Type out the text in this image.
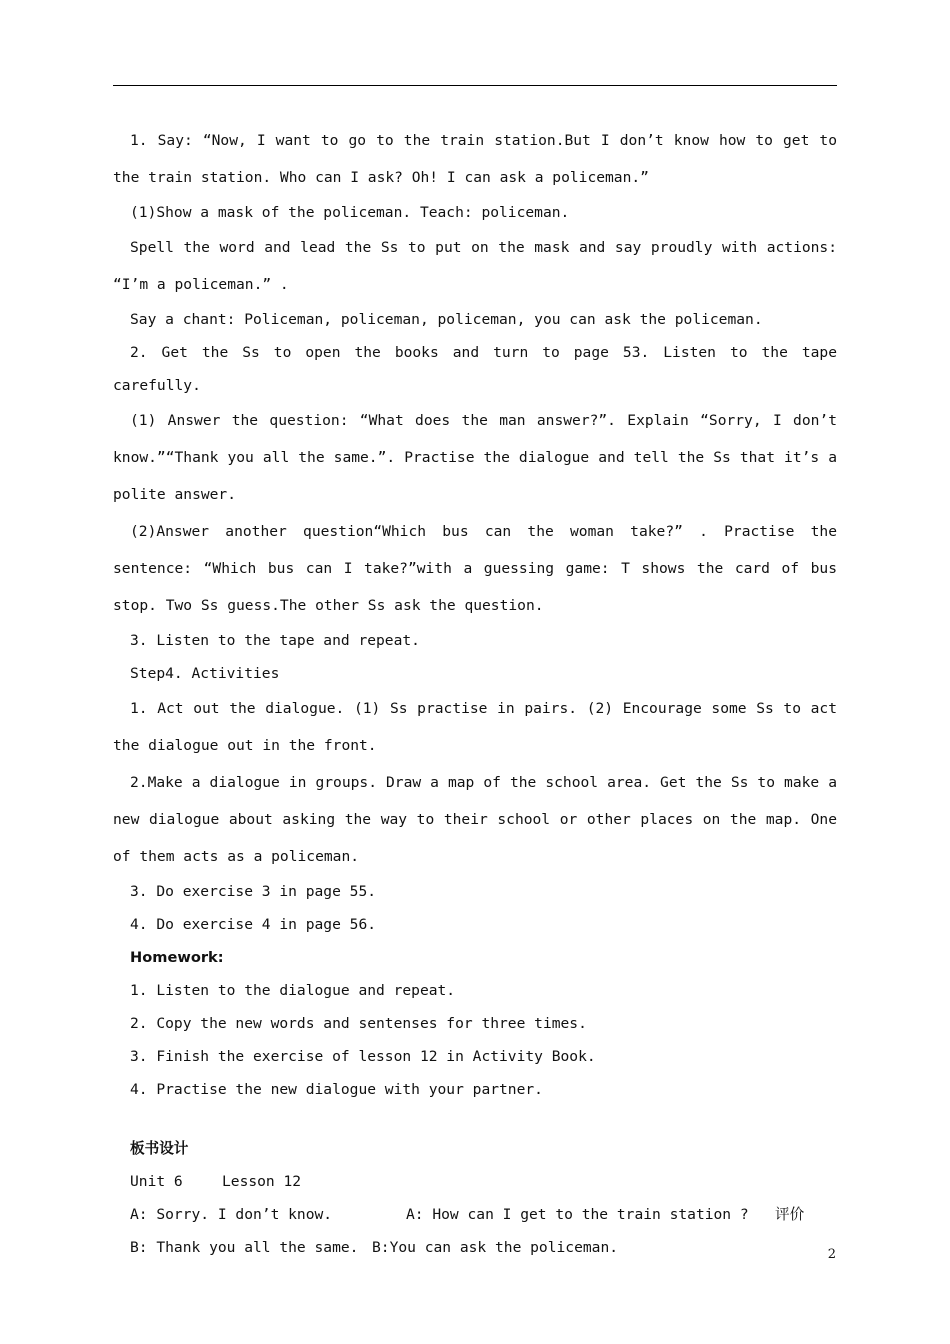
1. Say: “Now, I want to go to the train station.But I don’t know how to get to the train station. Who can I ask? Oh! I can ask a policeman.”

(1)Show a mask of the policeman. Teach: policeman.

Spell the word and lead the Ss to put on the mask and say proudly with actions: “I’m a policeman.” .

Say a chant: Policeman, policeman, policeman, you can ask the policeman.

2. Get the Ss to open the books and turn to page 53. Listen to the tape carefully.

(1) Answer the question: “What does the man answer?”. Explain “Sorry, I don’t know.”“Thank you all the same.”. Practise the dialogue and tell the Ss that it’s a polite answer.

(2)Answer another question“Which bus can the woman take?” . Practise the sentence: “Which bus can I take?”with a guessing game: T shows the card of bus stop. Two Ss guess.The other Ss ask the question.

3. Listen to the tape and repeat.

Step4. Activities

1. Act out the dialogue. (1) Ss practise in pairs. (2) Encourage some Ss to act the dialogue out in the front.

2.Make a dialogue in groups. Draw a map of the school area. Get the Ss to make a new dialogue about asking the way to their school or other places on the map. One of them acts as a policeman.

3. Do exercise 3 in page 55.

4. Do exercise 4 in page 56.

Homework:

1. Listen to the dialogue and repeat.

2. Copy the new words and sentenses for three times.

3. Finish the exercise of lesson 12 in Activity Book.

4. Practise the new dialogue with your partner.

板书设计

Unit 6	Lesson 12
A: Sorry. I don’t know.	A: How can I get to the train station ? 评价
B: Thank you all the same. B:You can ask the policeman.	2
